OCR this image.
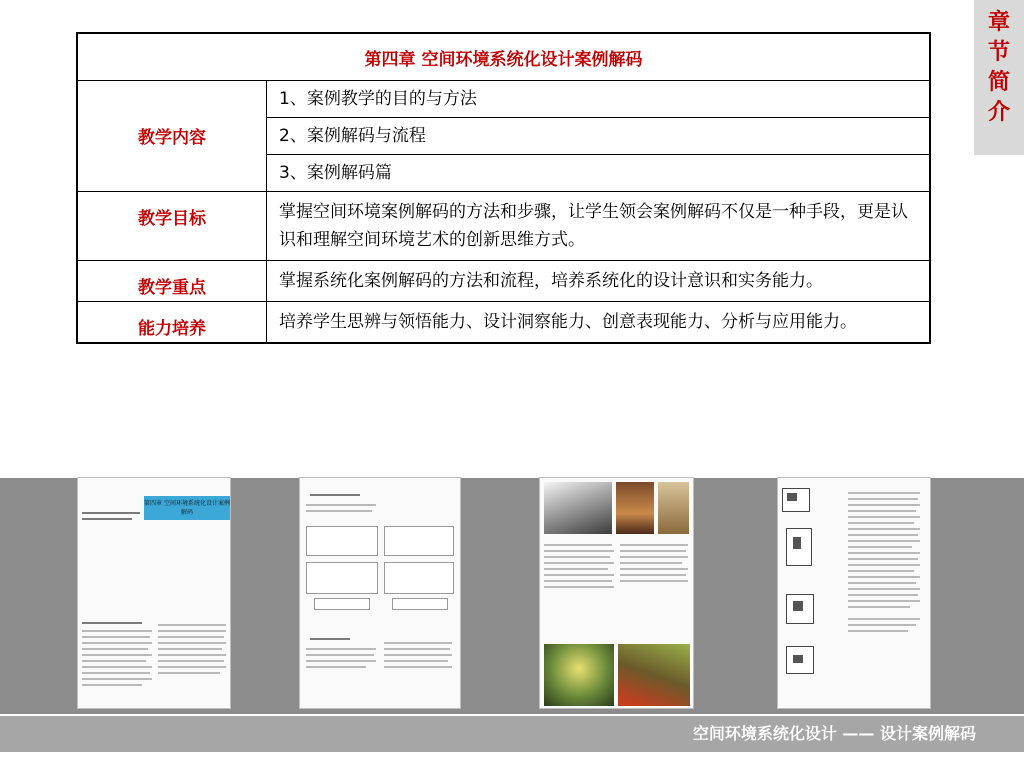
章
节
简
介
第四章 空间环境系统化设计案例解码	
教学内容	1、案例教学的目的与方法
	2、案例解码与流程
	3、案例解码篇
教学目标	掌握空间环境案例解码的方法和步骤，让学生领会案例解码不仅是一种手段，更是认识和理解空间环境艺术的创新思维方式。
教学重点	掌握系统化案例解码的方法和流程，培养系统化的设计意识和实务能力。
能力培养	培养学生思辨与领悟能力、设计洞察能力、创意表现能力、分析与应用能力。
第四章 空间环境系统化设计案例解码
空间环境系统化设计 —— 设计案例解码
